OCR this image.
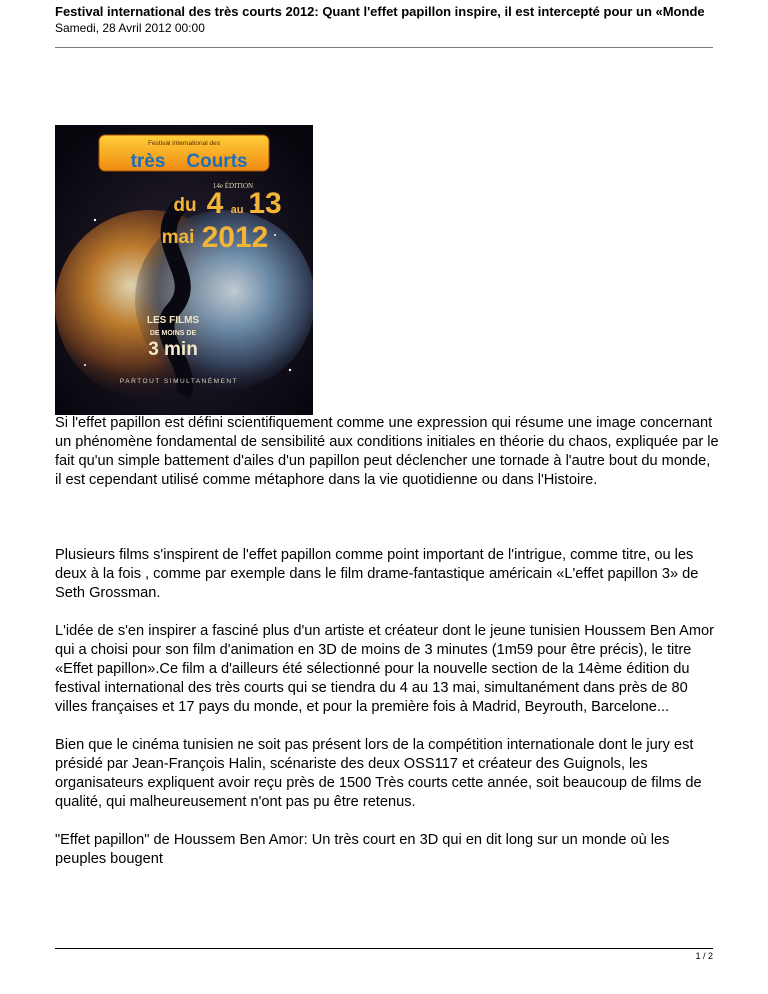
Festival international des très courts 2012: Quant l'effet papillon inspire, il est intercepté pour un «Monde
Samedi, 28 Avril 2012 00:00
Festival international des
très Courts
14e ÉDITION
du 4 au 13
mai 2012
LES FILMS
DE MOINS DE
3 min
PARTOUT SIMULTANÉMENT

Si l'effet papillon est défini scientifiquement comme une expression qui résume une image concernant un phénomène fondamental de sensibilité aux conditions initiales en théorie du chaos, expliquée par le fait qu'un simple battement d'ailes d'un papillon peut déclencher une tornade à l'autre bout du monde, il est cependant utilisé comme métaphore dans la vie quotidienne ou dans l'Histoire.

Plusieurs films s'inspirent de l'effet papillon comme point important de l'intrigue, comme titre, ou les deux à la fois , comme par exemple dans le film drame-fantastique américain «L'effet papillon 3» de Seth Grossman.

L'idée de s'en inspirer a fasciné plus d'un artiste et créateur dont le jeune tunisien Houssem Ben Amor qui a choisi pour son film d'animation en 3D de moins de 3 minutes (1m59 pour être précis), le titre «Effet papillon».Ce film a d'ailleurs été sélectionné pour la nouvelle section de la 14ème édition du festival international des très courts qui se tiendra du 4 au 13 mai, simultanément dans près de 80 villes françaises et 17 pays du monde, et pour la première fois à Madrid, Beyrouth, Barcelone...

Bien que le cinéma tunisien ne soit pas présent lors de la compétition internationale dont le jury est présidé par Jean-François Halin, scénariste des deux OSS117 et créateur des Guignols, les organisateurs expliquent avoir reçu près de 1500 Très courts cette année, soit beaucoup de films de qualité, qui malheureusement n'ont pas pu être retenus.

"Effet papillon" de Houssem Ben Amor: Un très court en 3D qui en dit long sur un monde où les peuples bougent

1 / 2
